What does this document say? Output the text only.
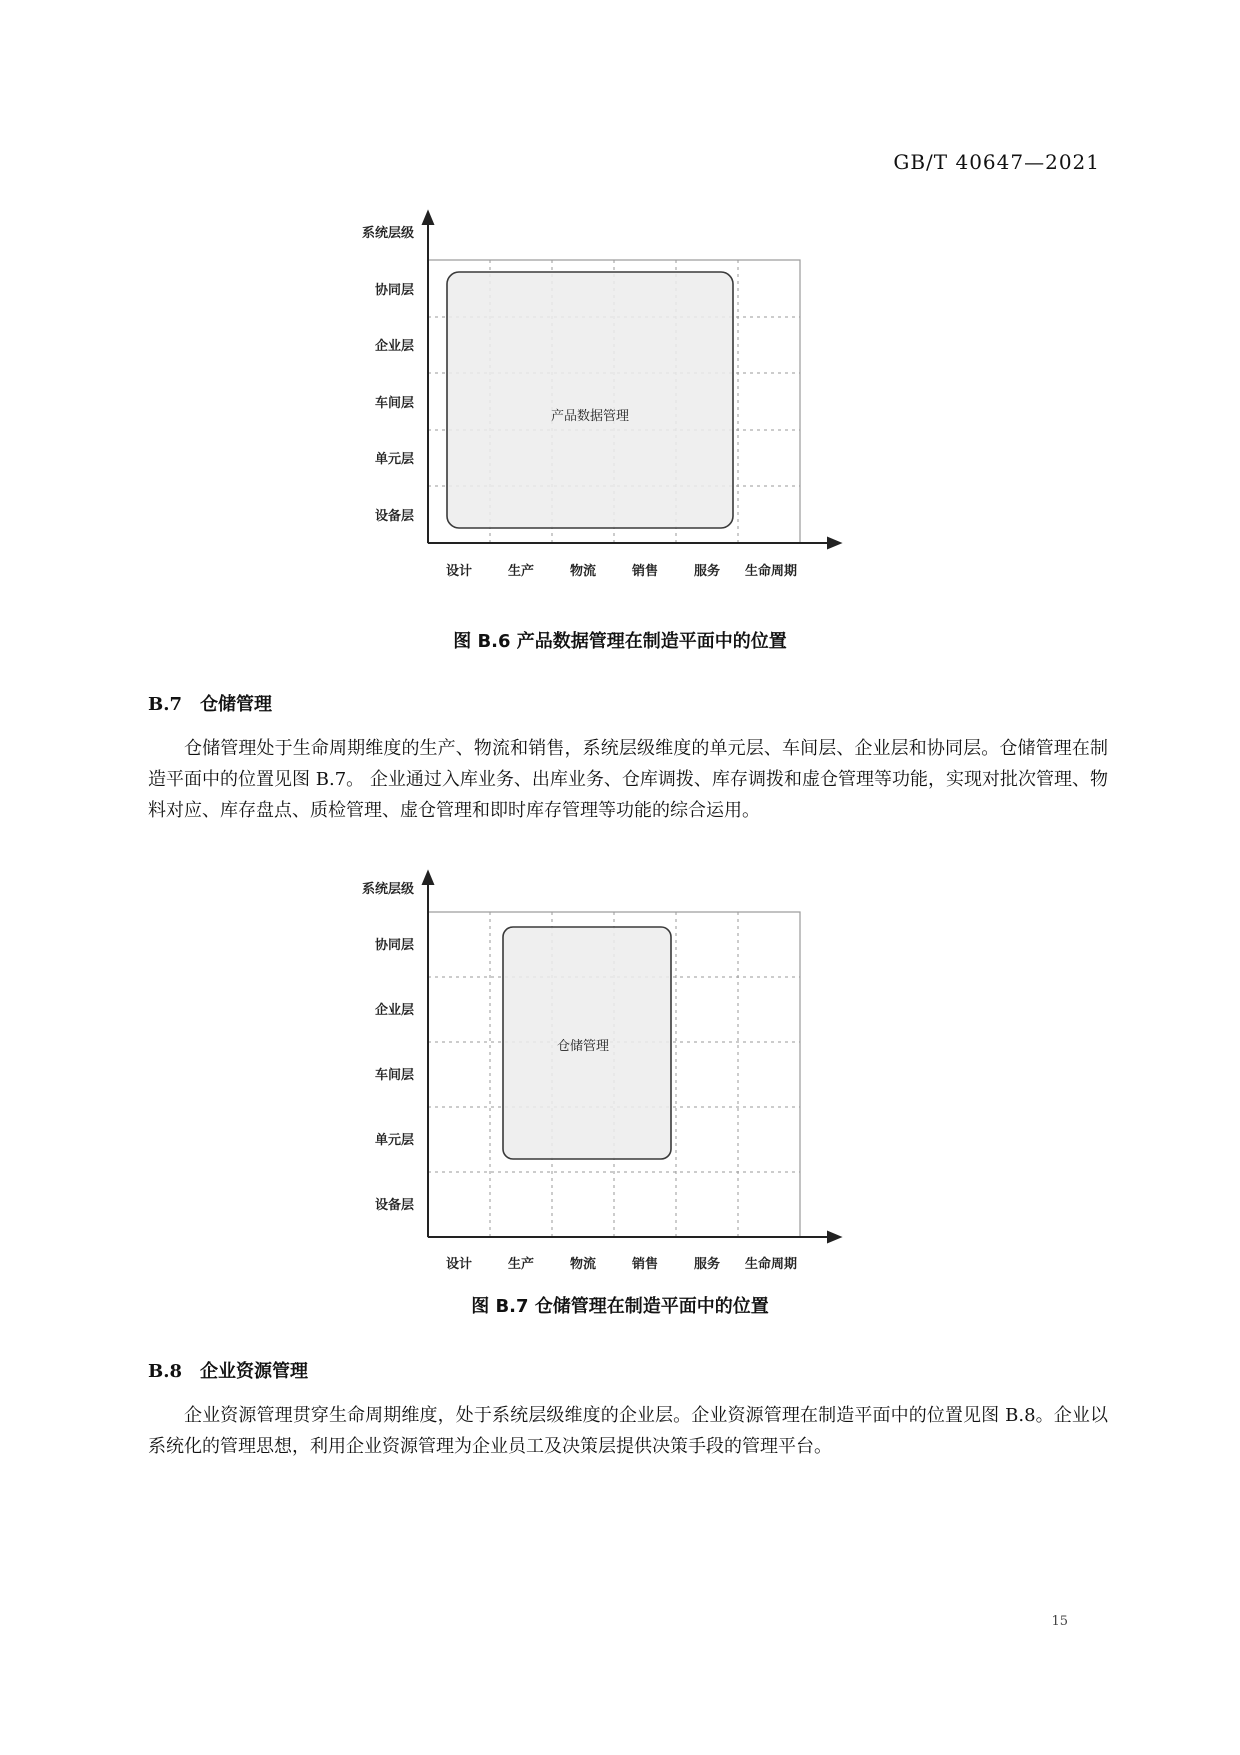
GB/T 40647—2021
产品数据管理
系统层级
协同层
企业层
车间层
单元层
设备层
设计	生产	物流	销售	服务 生命周期
图 B.6 产品数据管理在制造平面中的位置
B.7 仓储管理
仓储管理处于生命周期维度的生产、物流和销售，系统层级维度的单元层、车间层、企业层和协同层。仓储管理在制造平面中的位置见图 B.7。 企业通过入库业务、出库业务、仓库调拨、库存调拨和虚仓管理等功能，实现对批次管理、物料对应、库存盘点、质检管理、虚仓管理和即时库存管理等功能的综合运用。
仓储管理
系统层级
协同层
企业层
车间层
单元层
设备层
设计	生产	物流	销售	服务 生命周期
图 B.7 仓储管理在制造平面中的位置
B.8 企业资源管理
企业资源管理贯穿生命周期维度，处于系统层级维度的企业层。企业资源管理在制造平面中的位置见图 B.8。企业以系统化的管理思想，利用企业资源管理为企业员工及决策层提供决策手段的管理平台。
15
